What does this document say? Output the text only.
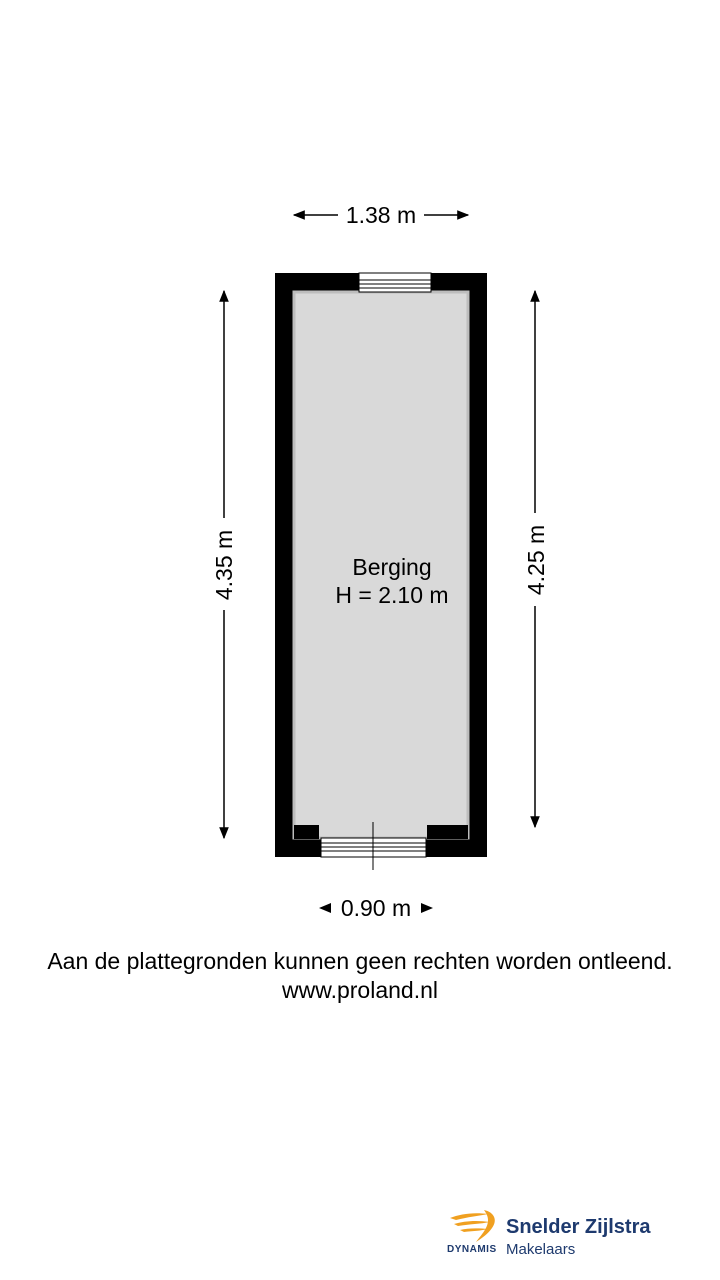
1.38 m
4.35 m	4.25 m
0.90 m
Berging
H = 2.10 m
Aan de plattegronden kunnen geen rechten worden ontleend.
www.proland.nl
DYNAMIS
Snelder Zijlstra
Makelaars
